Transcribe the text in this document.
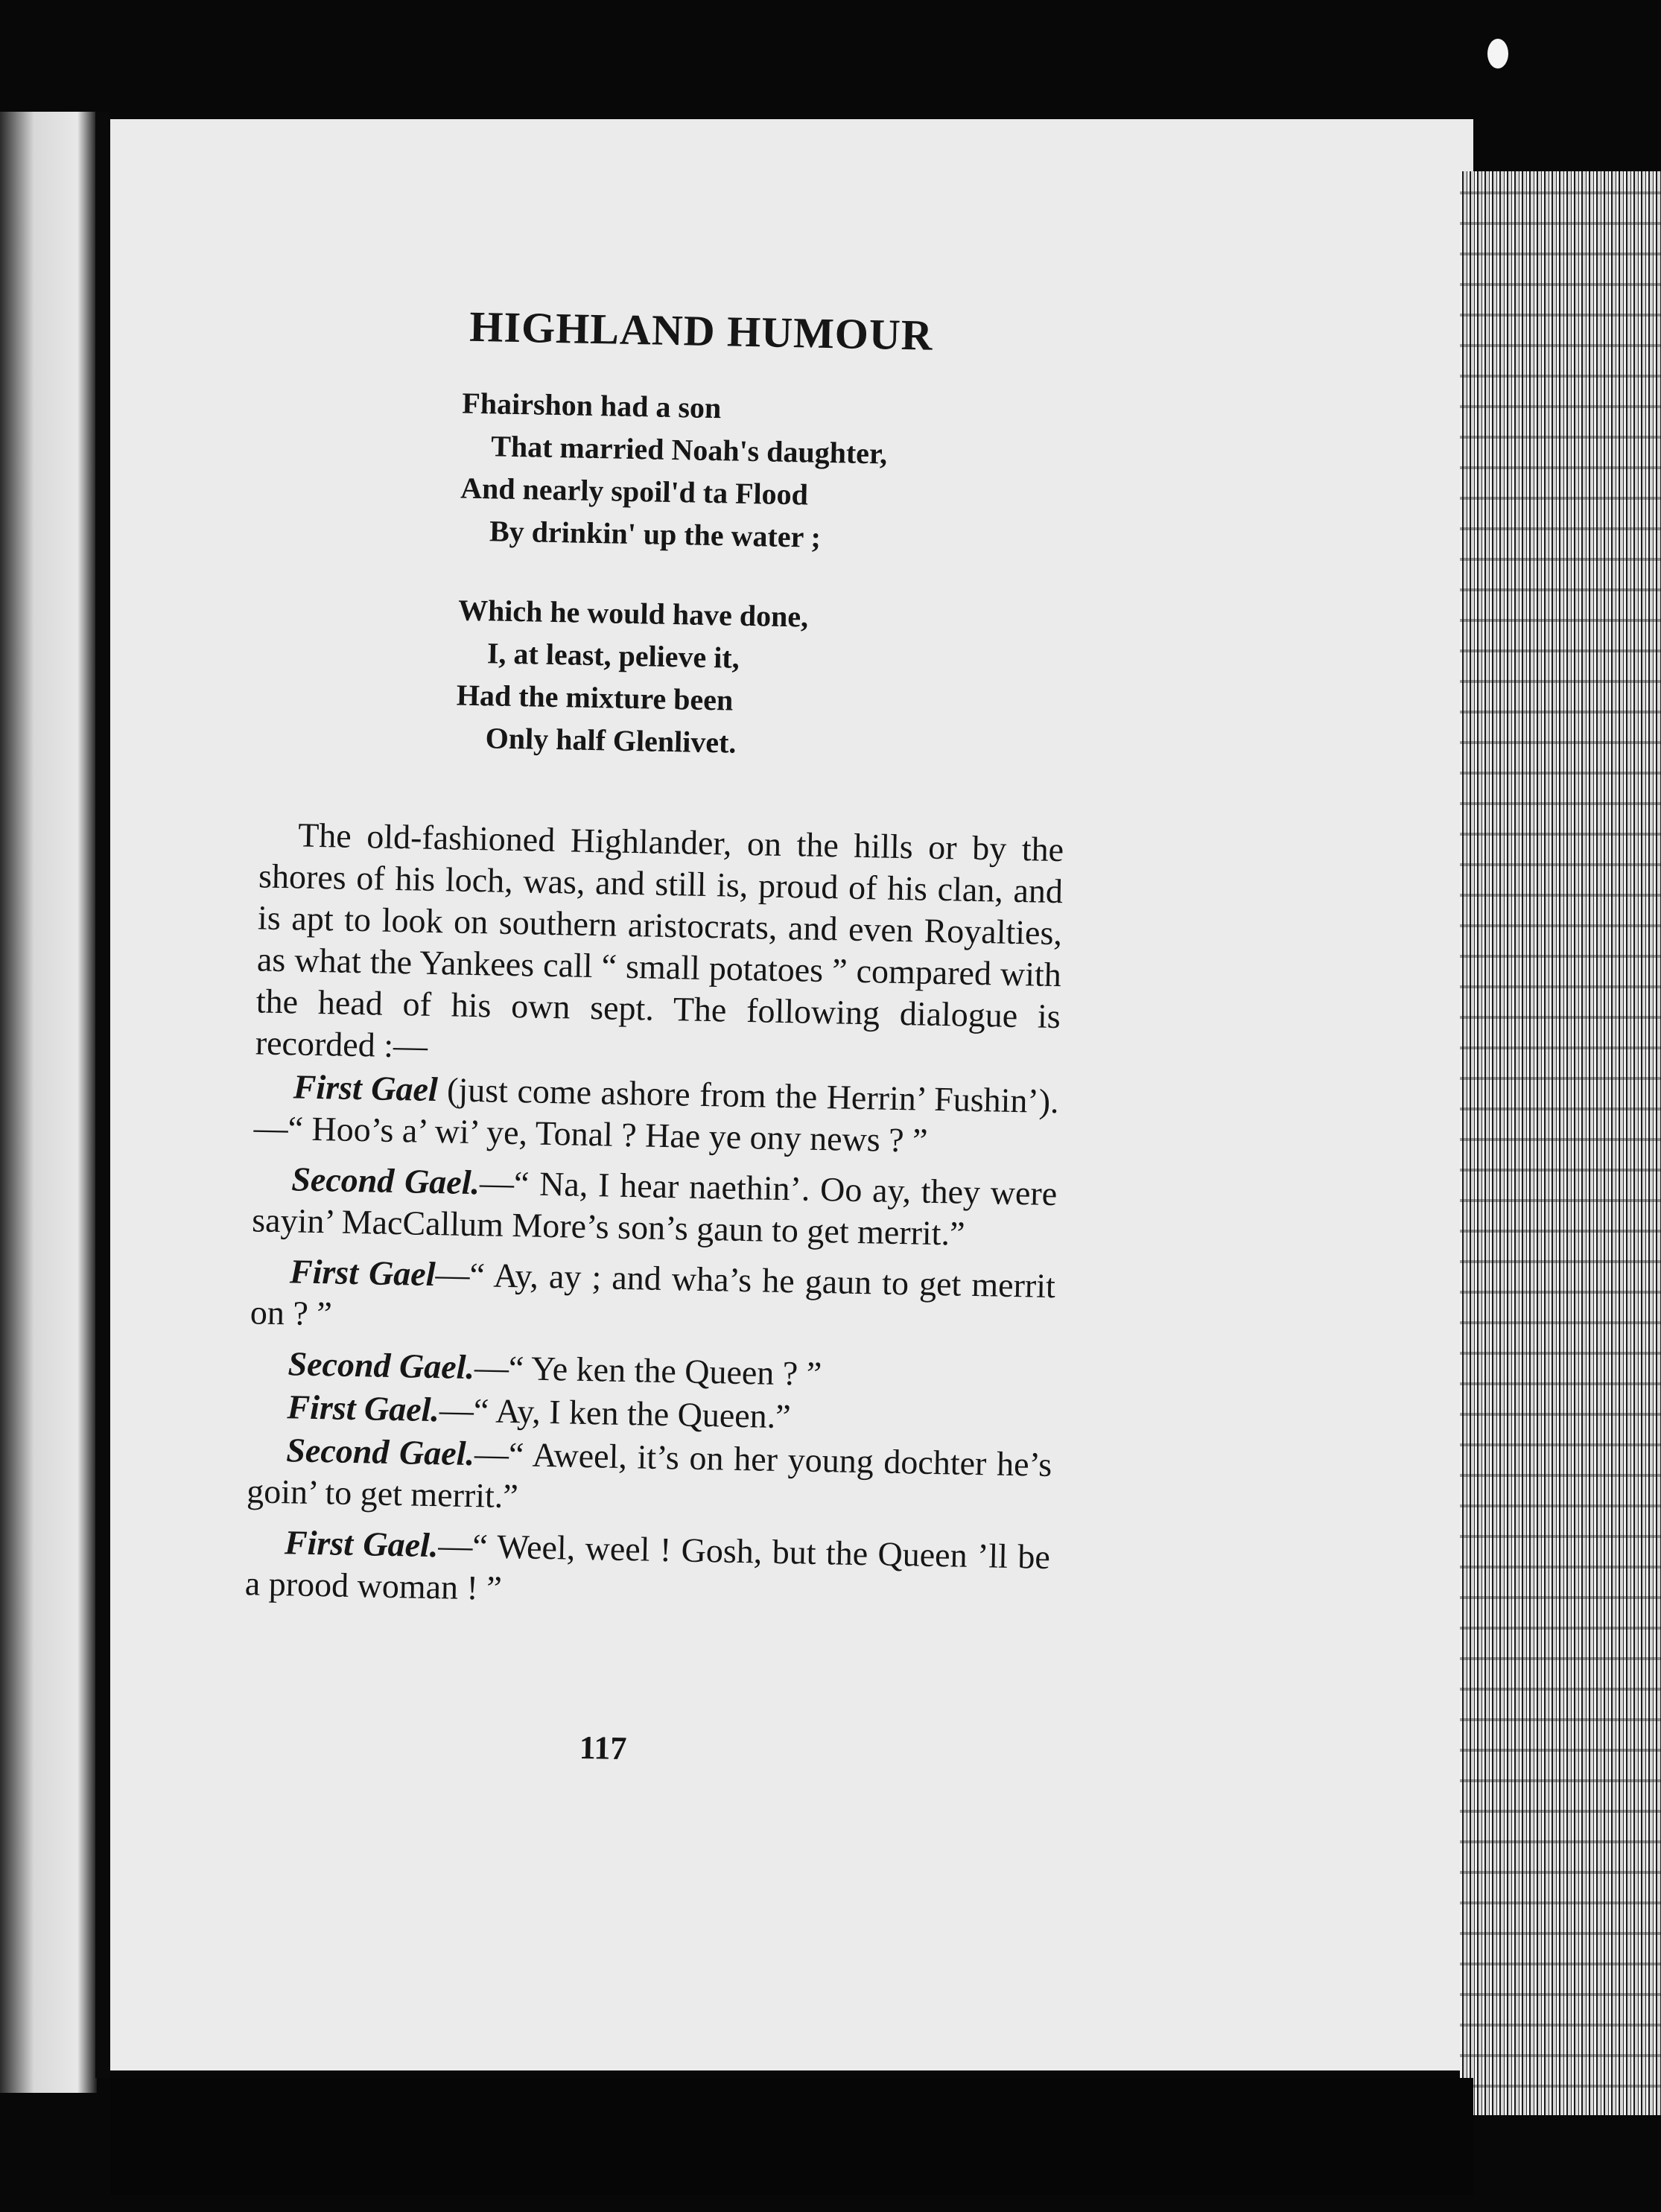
HIGHLAND HUMOUR
Fhairshon had a son
That married Noah's daughter,
And nearly spoil'd ta Flood
By drinkin' up the water ;
Which he would have done,
I, at least, pelieve it,
Had the mixture been
Only half Glenlivet.

The old-fashioned Highlander, on the hills or by the shores of his loch, was, and still is, proud of his clan, and is apt to look on southern aristocrats, and even Royalties, as what the Yankees call “ small potatoes ” compared with the head of his own sept. The following dialogue is recorded :—

First Gael (just come ashore from the Herrin’ Fushin’).—“ Hoo’s a’ wi’ ye, Tonal ? Hae ye ony news ? ”

Second Gael.—“ Na, I hear naethin’. Oo ay, they were sayin’ MacCallum More’s son’s gaun to get merrit.”

First Gael—“ Ay, ay ; and wha’s he gaun to get merrit on ? ”

Second Gael.—“ Ye ken the Queen ? ”

First Gael.—“ Ay, I ken the Queen.”

Second Gael.—“ Aweel, it’s on her young dochter he’s goin’ to get merrit.”

First Gael.—“ Weel, weel ! Gosh, but the Queen ’ll be a prood woman ! ”

117
